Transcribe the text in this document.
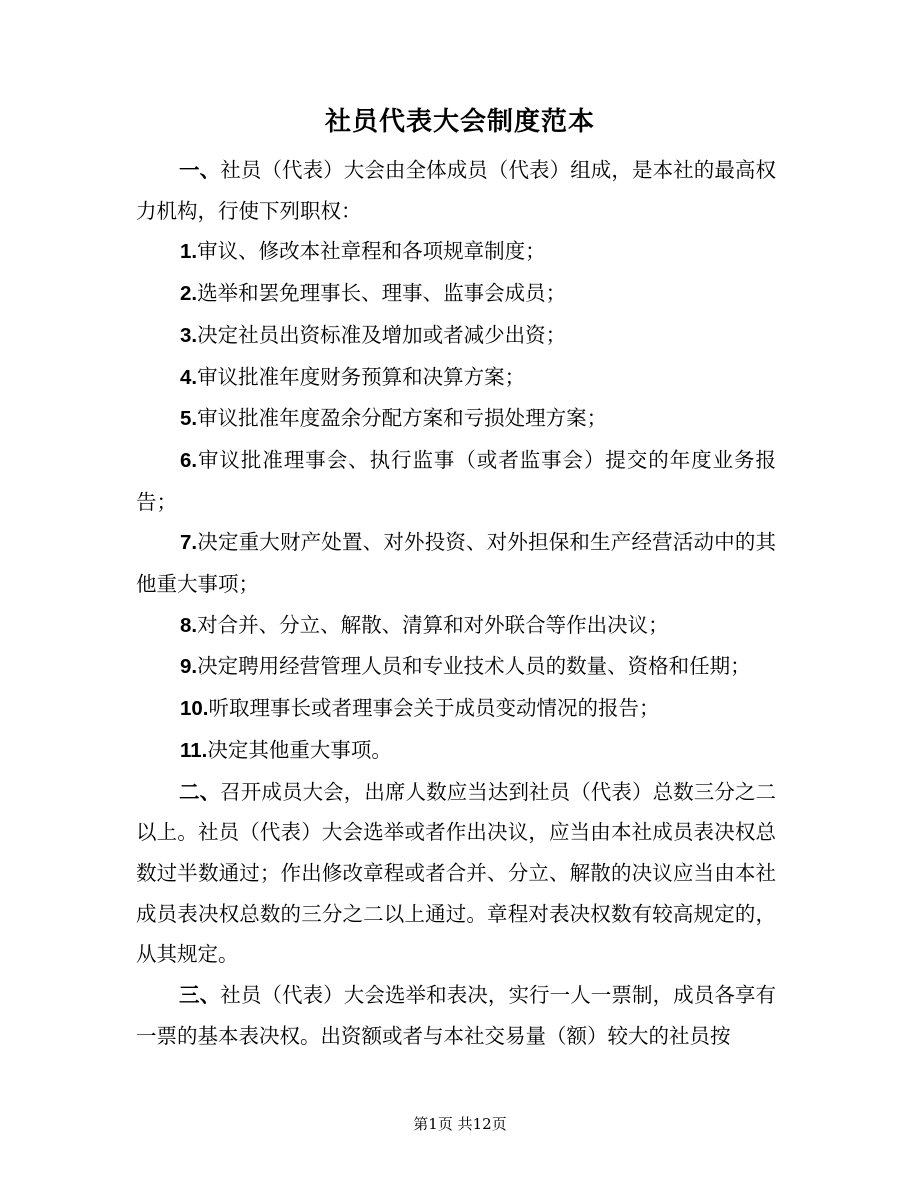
社员代表大会制度范本

一、社员（代表）大会由全体成员（代表）组成，是本社的最高权力机构，行使下列职权：

1.审议、修改本社章程和各项规章制度；

2.选举和罢免理事长、理事、监事会成员；

3.决定社员出资标准及增加或者减少出资；

4.审议批准年度财务预算和决算方案；

5.审议批准年度盈余分配方案和亏损处理方案；

6.审议批准理事会、执行监事（或者监事会）提交的年度业务报告；

7.决定重大财产处置、对外投资、对外担保和生产经营活动中的其他重大事项；

8.对合并、分立、解散、清算和对外联合等作出决议；

9.决定聘用经营管理人员和专业技术人员的数量、资格和任期；

10.听取理事长或者理事会关于成员变动情况的报告；

11.决定其他重大事项。

二、召开成员大会，出席人数应当达到社员（代表）总数三分之二以上。社员（代表）大会选举或者作出决议，应当由本社成员表决权总数过半数通过；作出修改章程或者合并、分立、解散的决议应当由本社成员表决权总数的三分之二以上通过。章程对表决权数有较高规定的，从其规定。

三、社员（代表）大会选举和表决，实行一人一票制，成员各享有一票的基本表决权。出资额或者与本社交易量（额）较大的社员按

第1页 共12页
